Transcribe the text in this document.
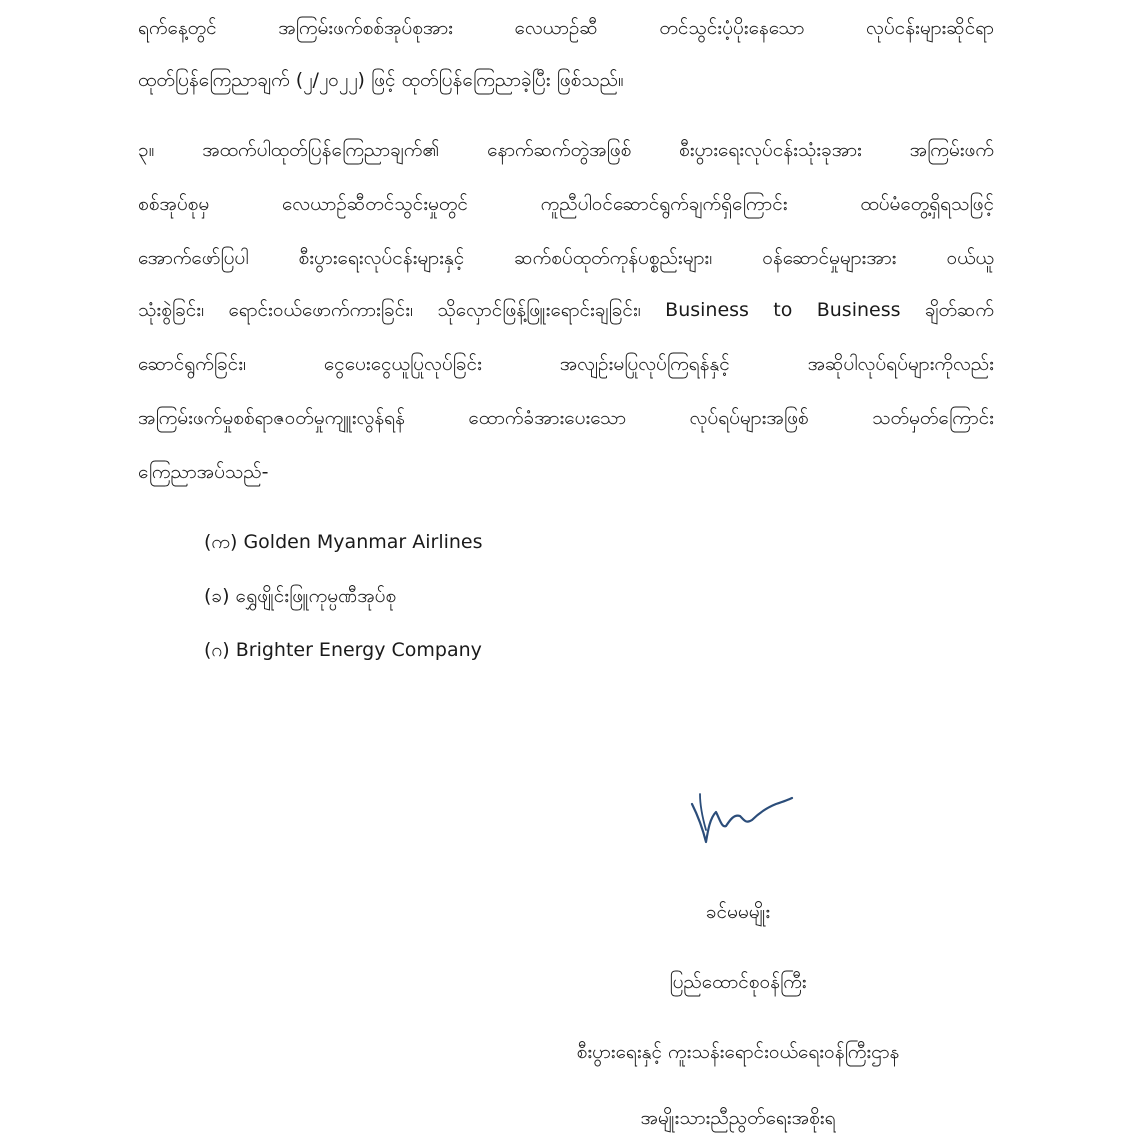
ရက်နေ့တွင် အကြမ်းဖက်စစ်အုပ်စုအား လေယာဉ်ဆီ တင်သွင်းပံ့ပိုးနေသော လုပ်ငန်းများဆိုင်ရာ
ထုတ်ပြန်ကြေညာချက် (၂/၂၀၂၂) ဖြင့် ထုတ်ပြန်ကြေညာခဲ့ပြီး ဖြစ်သည်။
၃။ အထက်ပါထုတ်ပြန်ကြေညာချက်၏ နောက်ဆက်တွဲအဖြစ် စီးပွားရေးလုပ်ငန်းသုံးခုအား အကြမ်းဖက်
စစ်အုပ်စုမှ လေယာဉ်ဆီတင်သွင်းမှုတွင် ကူညီပါဝင်ဆောင်ရွက်ချက်ရှိကြောင်း ထပ်မံတွေ့ရှိရသဖြင့်
အောက်ဖော်ပြပါ စီးပွားရေးလုပ်ငန်းများနှင့် ဆက်စပ်ထုတ်ကုန်ပစ္စည်းများ၊ ဝန်ဆောင်မှုများအား ဝယ်ယူ
သုံးစွဲခြင်း၊ ရောင်းဝယ်ဖောက်ကားခြင်း၊ သိုလှောင်ဖြန့်ဖြူးရောင်းချခြင်း၊ Business to Business ချိတ်ဆက်
ဆောင်ရွက်ခြင်း၊ ငွေပေးငွေယူပြုလုပ်ခြင်း အလျဉ်းမပြုလုပ်ကြရန်နှင့် အဆိုပါလုပ်ရပ်များကိုလည်း
အကြမ်းဖက်မှုစစ်ရာဇဝတ်မှုကျူးလွန်ရန် ထောက်ခံအားပေးသော လုပ်ရပ်များအဖြစ် သတ်မှတ်ကြောင်း
ကြေညာအပ်သည်-
(က) Golden Myanmar Airlines
(ခ) ရွှေဖျိုင်းဖြူကုမ္ပဏီအုပ်စု
(ဂ) Brighter Energy Company
ခင်မမမျိုး
ပြည်ထောင်စုဝန်ကြီး
စီးပွားရေးနှင့် ကူးသန်းရောင်းဝယ်ရေးဝန်ကြီးဌာန
အမျိုးသားညီညွတ်ရေးအစိုးရ
